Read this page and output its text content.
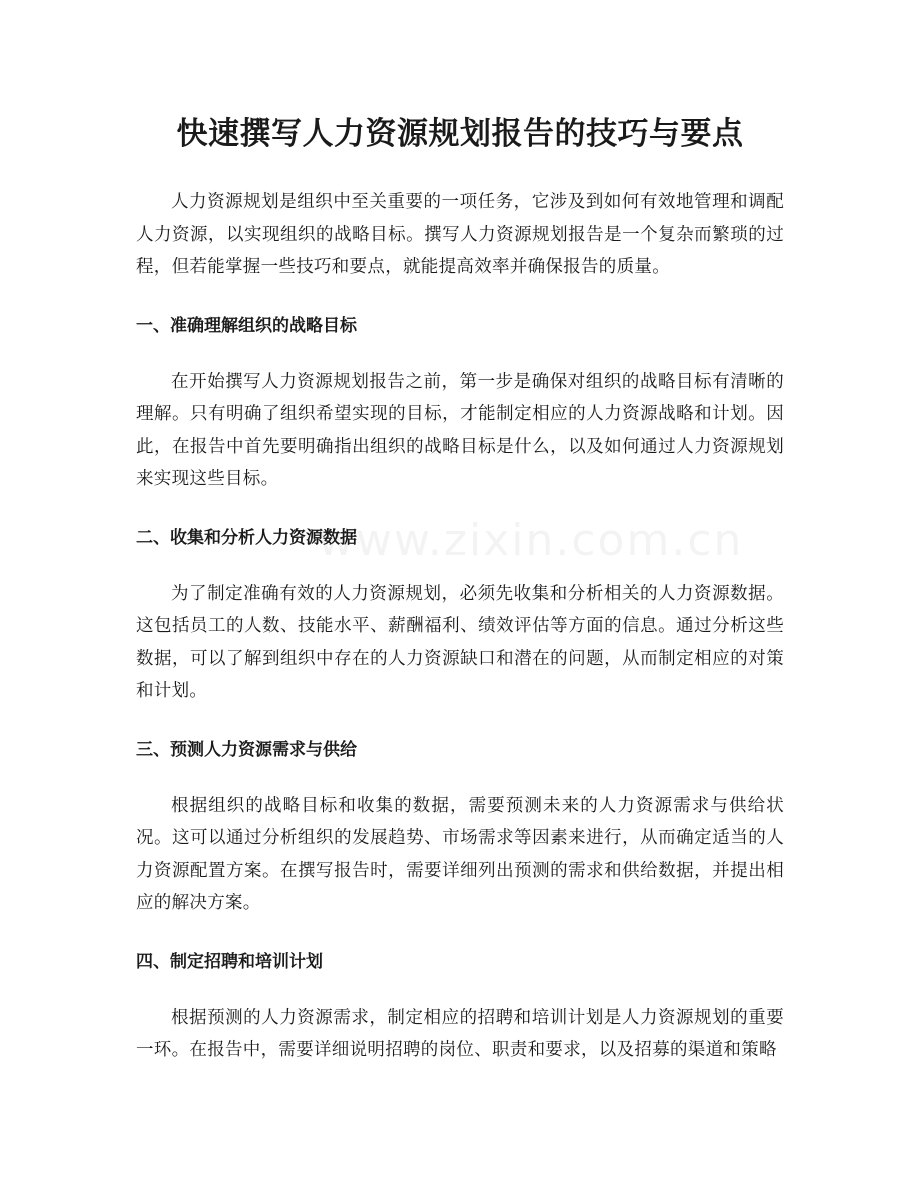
快速撰写人力资源规划报告的技巧与要点

人力资源规划是组织中至关重要的一项任务，它涉及到如何有效地管理和调配人力资源，以实现组织的战略目标。撰写人力资源规划报告是一个复杂而繁琐的过程，但若能掌握一些技巧和要点，就能提高效率并确保报告的质量。

一、准确理解组织的战略目标

在开始撰写人力资源规划报告之前，第一步是确保对组织的战略目标有清晰的理解。只有明确了组织希望实现的目标，才能制定相应的人力资源战略和计划。因此，在报告中首先要明确指出组织的战略目标是什么，以及如何通过人力资源规划来实现这些目标。

二、收集和分析人力资源数据

为了制定准确有效的人力资源规划，必须先收集和分析相关的人力资源数据。这包括员工的人数、技能水平、薪酬福利、绩效评估等方面的信息。通过分析这些数据，可以了解到组织中存在的人力资源缺口和潜在的问题，从而制定相应的对策和计划。

三、预测人力资源需求与供给

根据组织的战略目标和收集的数据，需要预测未来的人力资源需求与供给状况。这可以通过分析组织的发展趋势、市场需求等因素来进行，从而确定适当的人力资源配置方案。在撰写报告时，需要详细列出预测的需求和供给数据，并提出相应的解决方案。

四、制定招聘和培训计划

根据预测的人力资源需求，制定相应的招聘和培训计划是人力资源规划的重要一环。在报告中，需要详细说明招聘的岗位、职责和要求，以及招募的渠道和策略
